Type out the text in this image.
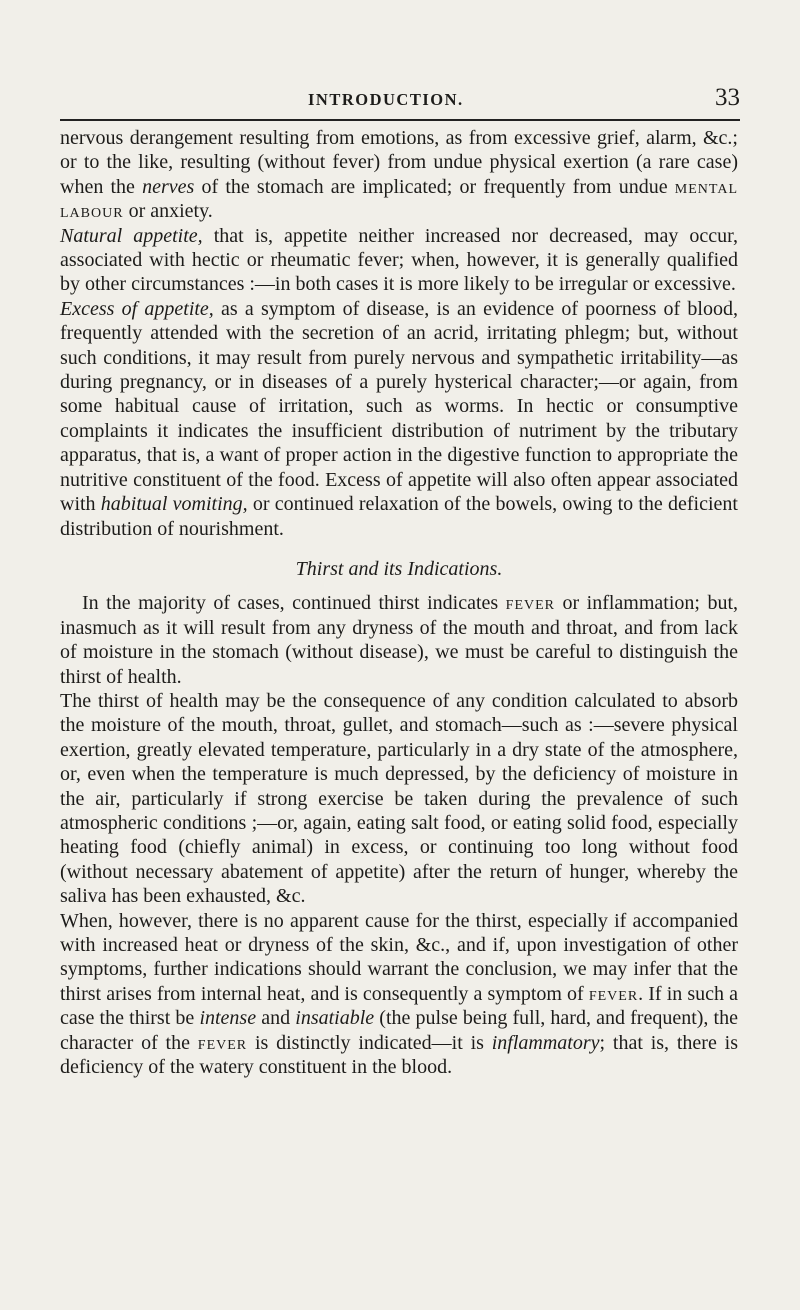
INTRODUCTION.	33

nervous derangement resulting from emotions, as from excessive grief, alarm, &c.; or to the like, resulting (without fever) from undue physical exertion (a rare case) when the nerves of the stomach are implicated; or frequently from undue mental labour or anxiety.

Natural appetite, that is, appetite neither increased nor decreased, may occur, associated with hectic or rheumatic fever; when, however, it is generally qualified by other circumstances :—in both cases it is more likely to be irregular or excessive.

Excess of appetite, as a symptom of disease, is an evidence of poorness of blood, frequently attended with the secretion of an acrid, irritating phlegm; but, without such conditions, it may result from purely nervous and sympathetic irritability—as during pregnancy, or in diseases of a purely hysterical character;—or again, from some habitual cause of irritation, such as worms. In hectic or consumptive complaints it indicates the insufficient distribution of nutriment by the tributary apparatus, that is, a want of proper action in the digestive function to appropriate the nutritive constituent of the food. Excess of appetite will also often appear associated with habitual vomiting, or continued relaxation of the bowels, owing to the deficient distribution of nourishment.

Thirst and its Indications.

In the majority of cases, continued thirst indicates fever or inflammation; but, inasmuch as it will result from any dryness of the mouth and throat, and from lack of moisture in the stomach (without disease), we must be careful to distinguish the thirst of health.

The thirst of health may be the consequence of any condition calculated to absorb the moisture of the mouth, throat, gullet, and stomach—such as :—severe physical exertion, greatly elevated temperature, particularly in a dry state of the atmosphere, or, even when the temperature is much depressed, by the deficiency of moisture in the air, particularly if strong exercise be taken during the prevalence of such atmospheric conditions ;—or, again, eating salt food, or eating solid food, especially heating food (chiefly animal) in excess, or continuing too long without food (without necessary abatement of appetite) after the return of hunger, whereby the saliva has been exhausted, &c.

When, however, there is no apparent cause for the thirst, especially if accompanied with increased heat or dryness of the skin, &c., and if, upon investigation of other symptoms, further indications should warrant the conclusion, we may infer that the thirst arises from internal heat, and is consequently a symptom of fever. If in such a case the thirst be intense and insatiable (the pulse being full, hard, and frequent), the character of the fever is distinctly indicated—it is inflammatory; that is, there is deficiency of the watery constituent in the blood.
